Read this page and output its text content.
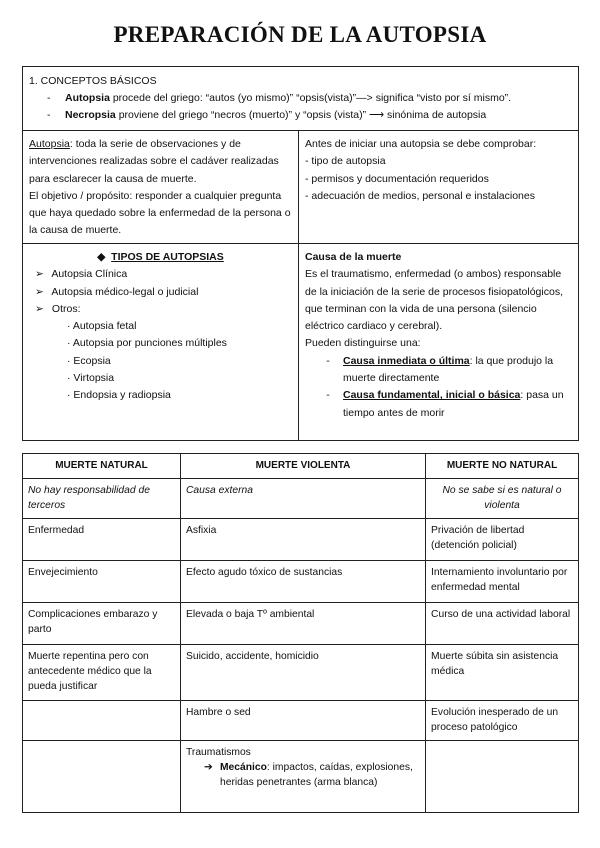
PREPARACIÓN DE LA AUTOPSIA
1. CONCEPTOS BÁSICOS
- Autopsia procede del griego: “autos (yo mismo)” “opsis(vista)”—> significa “visto por sí mismo”.
- Necropsia proviene del griego “necros (muerto)” y “opsis (vista)” ⟶ sinónima de autopsia
Autopsia: toda la serie de observaciones y de intervenciones realizadas sobre el cadáver realizadas para esclarecer la causa de muerte.
El objetivo / propósito: responder a cualquier pregunta que haya quedado sobre la enfermedad de la persona o la causa de muerte.
Antes de iniciar una autopsia se debe comprobar:
- tipo de autopsia
- permisos y documentación requeridos
- adecuación de medios, personal e instalaciones
◆ TIPOS DE AUTOPSIAS
➢ Autopsia Clínica
➢ Autopsia médico-legal o judicial
➢ Otros:
· Autopsia fetal
· Autopsia por punciones múltiples
· Ecopsia
· Virtopsia
· Endopsia y radiopsia
Causa de la muerte
Es el traumatismo, enfermedad (o ambos) responsable de la iniciación de la serie de procesos fisiopatológicos, que terminan con la vida de una persona (silencio eléctrico cardiaco y cerebral).
Pueden distinguirse una:
-	Causa inmediata o última: la que produjo la muerte directamente
-	Causa fundamental, inicial o básica: pasa un tiempo antes de morir
MUERTE NATURAL	MUERTE VIOLENTA	MUERTE NO NATURAL
No hay responsabilidad de terceros	Causa externa	No se sabe si es natural o violenta
Enfermedad	Asfixia	Privación de libertad (detención policial)
Envejecimiento	Efecto agudo tóxico de sustancias	Internamiento involuntario por enfermedad mental
Complicaciones embarazo y parto	Elevada o baja Tº ambiental	Curso de una actividad laboral
Muerte repentina pero con antecedente médico que la pueda justificar	Suicido, accidente, homicidio	Muerte súbita sin asistencia médica
	Hambre o sed	Evolución inesperado de un proceso patológico

	Traumatismos
➔ Mecánico: impactos, caídas, explosiones, heridas penetrantes (arma blanca)	
